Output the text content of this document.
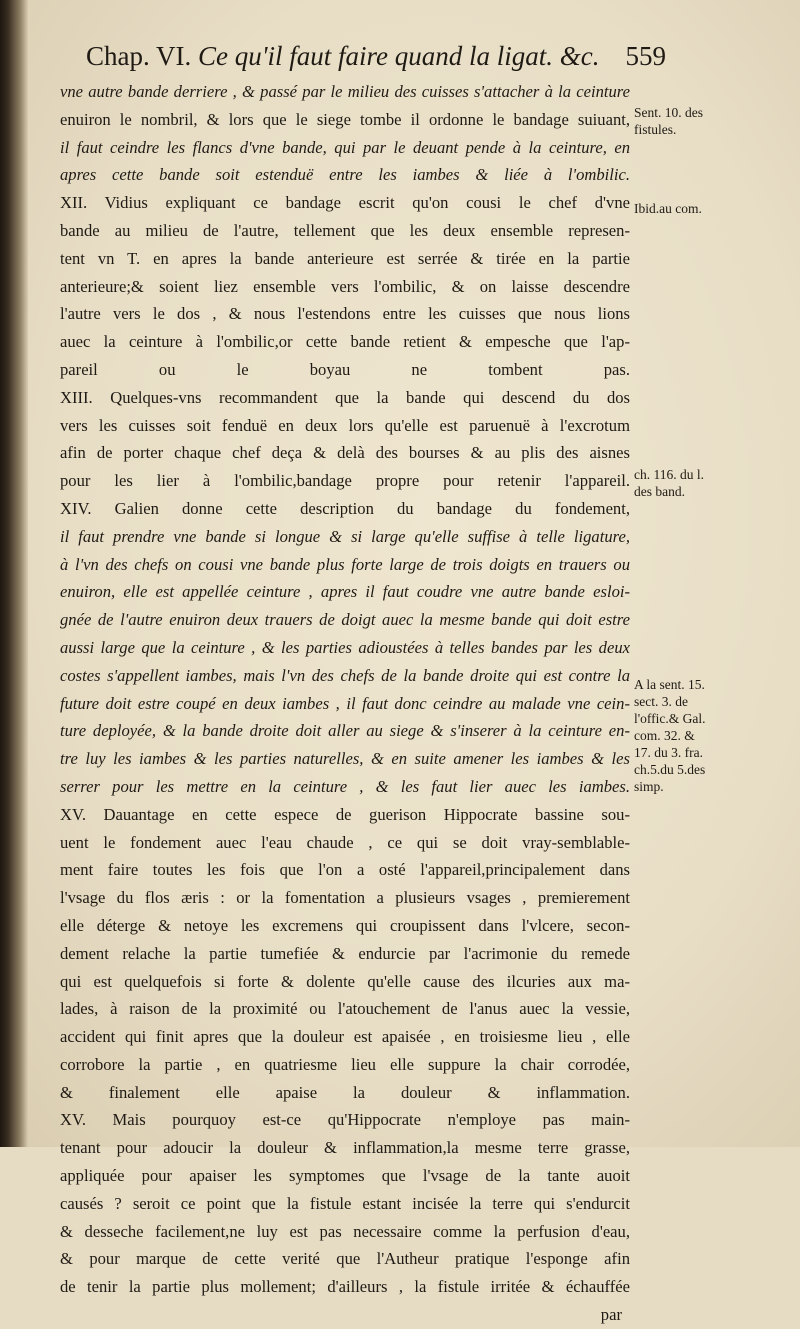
Chap. VI. Ce qu'il faut faire quand la ligat. &c. 559
vne autre bande derriere , & passé par le milieu des cuisses s'attacher à la ceinture
enuiron le nombril, & lors que le siege tombe il ordonne le bandage suiuant,
il faut ceindre les flancs d'vne bande, qui par le deuant pende à la ceinture, en
apres cette bande soit estenduë entre les iambes & liée à l'ombilic.
XII. Vidius expliquant ce bandage escrit qu'on cousi le chef d'vne
bande au milieu de l'autre, tellement que les deux ensemble represen-
tent vn T. en apres la bande anterieure est serrée & tirée en la partie
anterieure;& soient liez ensemble vers l'ombilic, & on laisse descendre
l'autre vers le dos , & nous l'estendons entre les cuisses que nous lions
auec la ceinture à l'ombilic,or cette bande retient & empesche que l'ap-
pareil ou le boyau ne tombent pas.
XIII. Quelques-vns recommandent que la bande qui descend du dos
vers les cuisses soit fenduë en deux lors qu'elle est paruenuë à l'excrotum
afin de porter chaque chef deça & delà des bourses & au plis des aisnes
pour les lier à l'ombilic,bandage propre pour retenir l'appareil.
XIV. Galien donne cette description du bandage du fondement,
il faut prendre vne bande si longue & si large qu'elle suffise à telle ligature,
à l'vn des chefs on cousi vne bande plus forte large de trois doigts en trauers ou
enuiron, elle est appellée ceinture , apres il faut coudre vne autre bande esloi-
gnée de l'autre enuiron deux trauers de doigt auec la mesme bande qui doit estre
aussi large que la ceinture , & les parties adioustées à telles bandes par les deux
costes s'appellent iambes, mais l'vn des chefs de la bande droite qui est contre la
future doit estre coupé en deux iambes , il faut donc ceindre au malade vne cein-
ture deployée, & la bande droite doit aller au siege & s'inserer à la ceinture en-
tre luy les iambes & les parties naturelles, & en suite amener les iambes & les
serrer pour les mettre en la ceinture , & les faut lier auec les iambes.
XV. Dauantage en cette espece de guerison Hippocrate bassine sou-
uent le fondement auec l'eau chaude , ce qui se doit vray-semblable-
ment faire toutes les fois que l'on a osté l'appareil,principalement dans
l'vsage du flos æris : or la fomentation a plusieurs vsages , premierement
elle déterge & netoye les excremens qui croupissent dans l'vlcere, secon-
dement relache la partie tumefiée & endurcie par l'acrimonie du remede
qui est quelquefois si forte & dolente qu'elle cause des ilcuries aux ma-
lades, à raison de la proximité ou l'atouchement de l'anus auec la vessie,
accident qui finit apres que la douleur est apaisée , en troisiesme lieu , elle
corrobore la partie , en quatriesme lieu elle suppure la chair corrodée,
& finalement elle apaise la douleur & inflammation.
XV. Mais pourquoy est-ce qu'Hippocrate n'employe pas main-
tenant pour adoucir la douleur & inflammation,la mesme terre grasse,
appliquée pour apaiser les symptomes que l'vsage de la tante auoit
causés ? seroit ce point que la fistule estant incisée la terre qui s'endurcit
& desseche facilement,ne luy est pas necessaire comme la perfusion d'eau,
& pour marque de cette verité que l'Autheur pratique l'esponge afin
de tenir la partie plus mollement; d'ailleurs , la fistule irritée & échauffée
par
Sent. 10. des
fistules.
Ibid.au com.
ch. 116. du l.
des band.
A la sent. 15.
sect. 3. de
l'offic.& Gal.
com. 32. &
17. du 3. fra.
ch.5.du 5.des
simp.
